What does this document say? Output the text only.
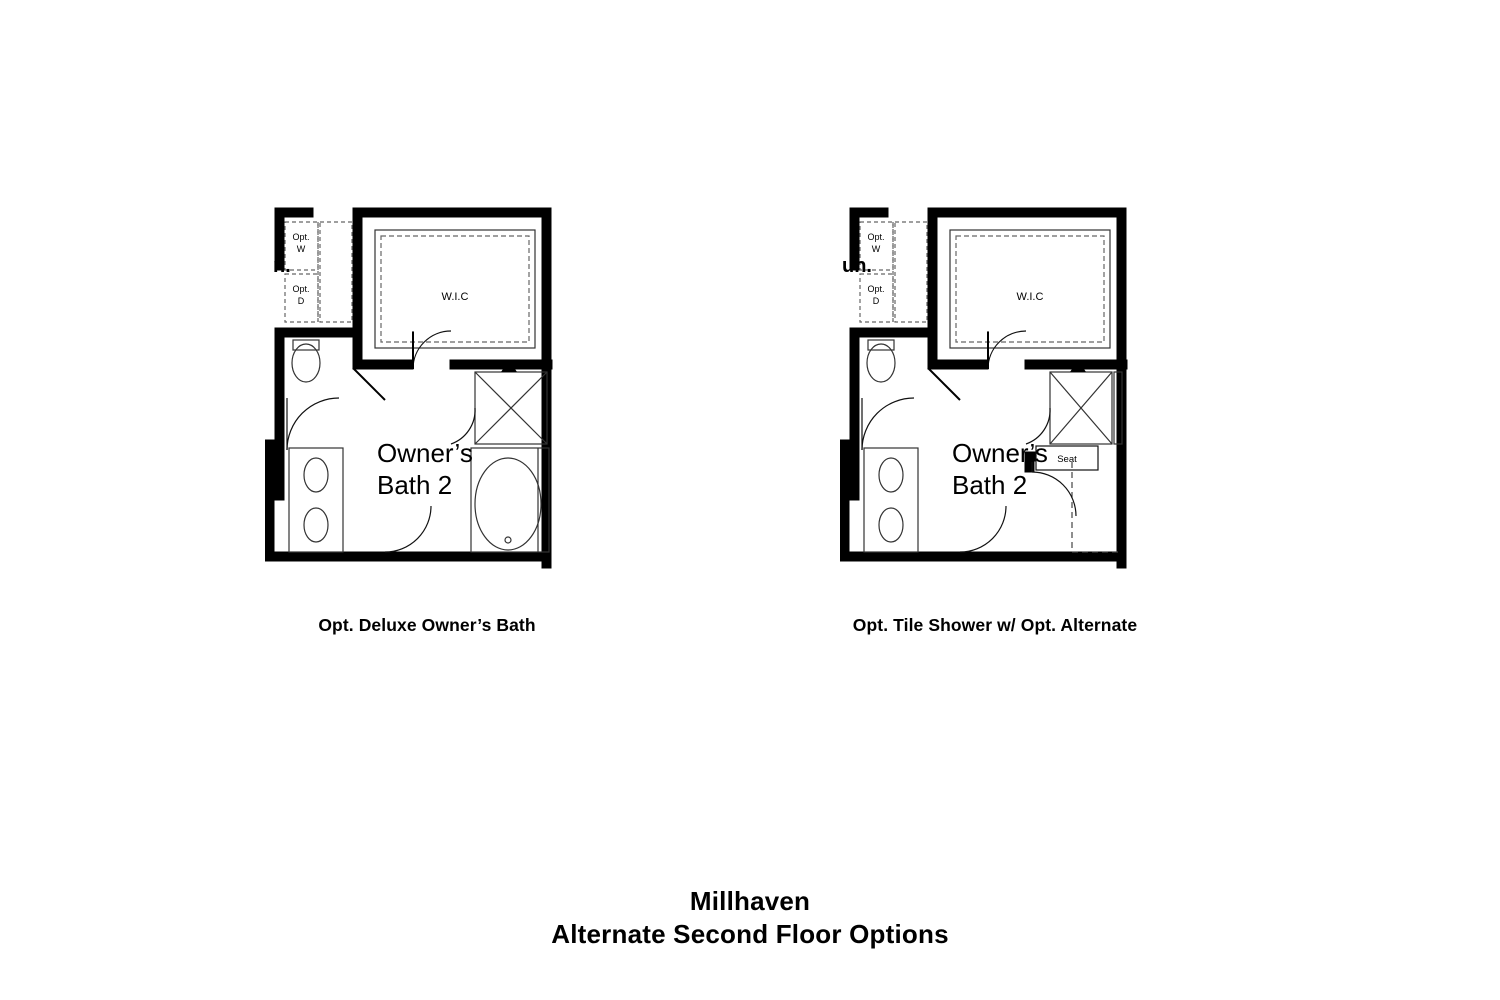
n.
W.I.C
Opt.
W
Opt.
D
Owner’s
Bath 2
Opt. Deluxe Owner’s Bath
un.
W.I.C
Opt.
W
Opt.
D
Seat
Owner’s
Bath 2
Opt. Tile Shower w/ Opt. Alternate
Millhaven
Alternate Second Floor Options
